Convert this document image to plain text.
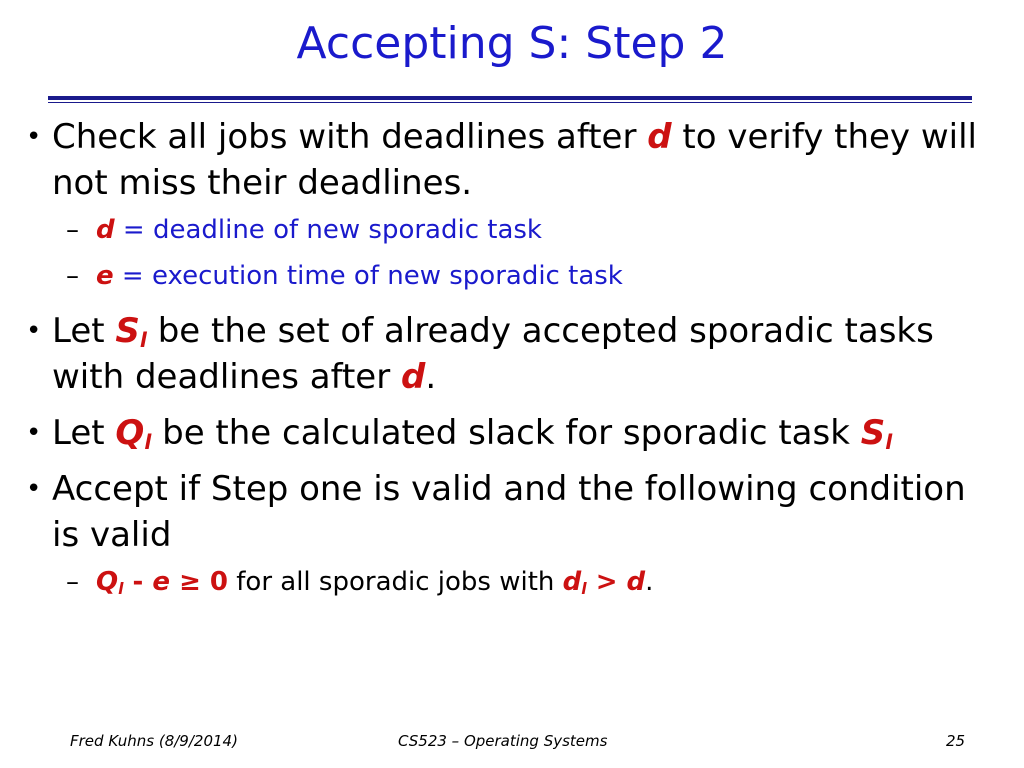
Accepting S: Step 2
• Check all jobs with deadlines after d to verify they will not miss their deadlines.
– d = deadline of new sporadic task
– e = execution time of new sporadic task
• Let $S_l$ be the set of already accepted sporadic tasks with deadlines after d.
• Let $Q_l$ be the calculated slack for sporadic task $S_l$
• Accept if Step one is valid and the following condition is valid
– $Q_l - e \ge 0$ for all sporadic jobs with $d_l > d$.
Fred Kuhns (8/9/2014)	CS523 – Operating Systems	25
